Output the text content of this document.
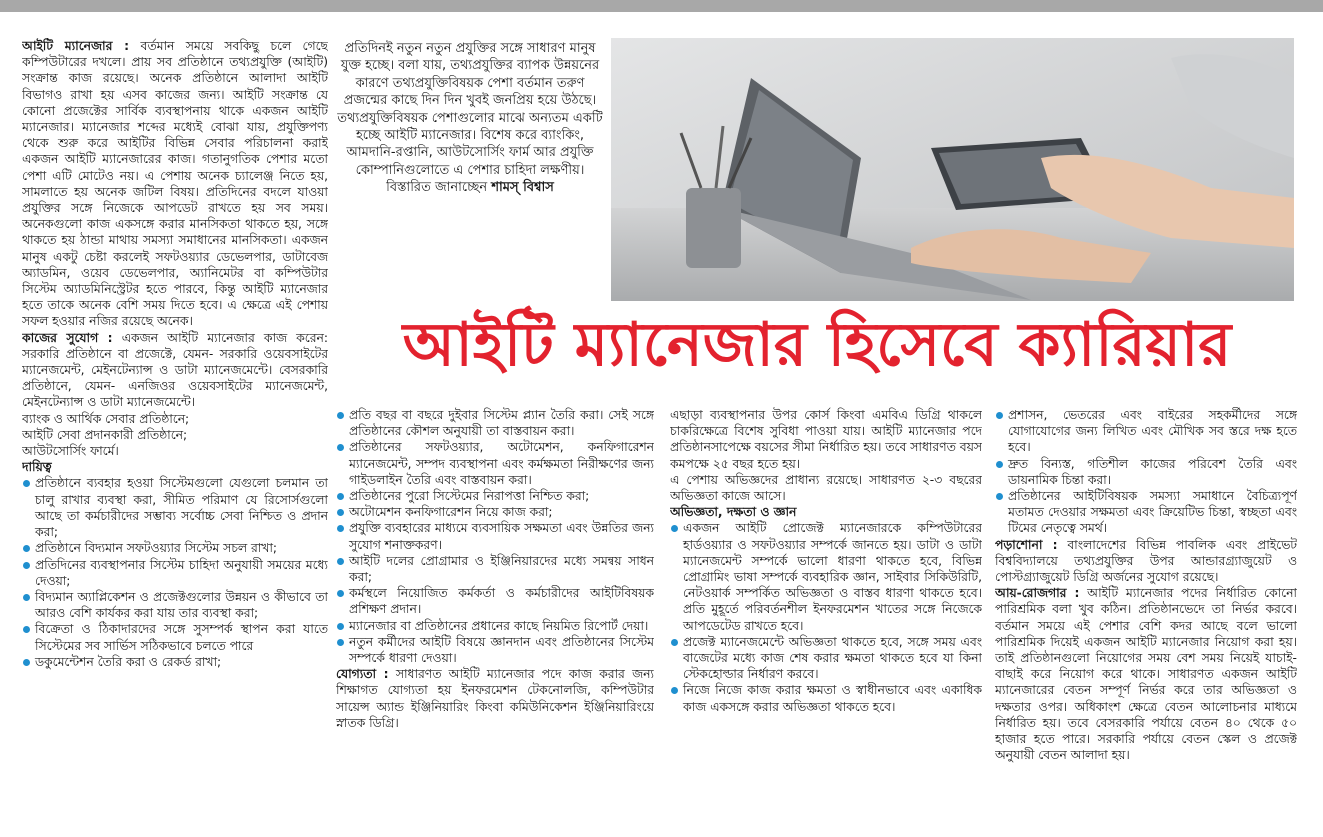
আইটি ম্যানেজার : বর্তমান সময়ে সবকিছু চলে গেছে কম্পিউটারের দখলে। প্রায় সব প্রতিষ্ঠানে তথ্যপ্রযুক্তি (আইটি) সংক্রান্ত কাজ রয়েছে। অনেক প্রতিষ্ঠানে আলাদা আইটি বিভাগও রাখা হয় এসব কাজের জন্য। আইটি সংক্রান্ত যে কোনো প্রজেক্টের সার্বিক ব্যবস্থাপনায় থাকে একজন আইটি ম্যানেজার। ম্যানেজার শব্দের মধ্যেই বোঝা যায়, প্রযুক্তিপণ্য থেকে শুরু করে আইটির বিভিন্ন সেবার পরিচালনা করাই একজন আইটি ম্যানেজারের কাজ। গতানুগতিক পেশার মতো পেশা এটি মোটেও নয়। এ পেশায় অনেক চ্যালেঞ্জ নিতে হয়, সামলাতে হয় অনেক জটিল বিষয়। প্রতিদিনের বদলে যাওয়া প্রযুক্তির সঙ্গে নিজেকে আপডেট রাখতে হয় সব সময়। অনেকগুলো কাজ একসঙ্গে করার মানসিকতা থাকতে হয়, সঙ্গে থাকতে হয় ঠান্ডা মাথায় সমস্যা সমাধানের মানসিকতা। একজন মানুষ একটু চেষ্টা করলেই সফটওয়্যার ডেভেলপার, ডাটাবেজ অ্যাডমিন, ওয়েব ডেভেলপার, অ্যানিমেটর বা কম্পিউটার সিস্টেম অ্যাডমিনিস্ট্রেটর হতে পারবে, কিন্তু আইটি ম্যানেজার হতে তাকে অনেক বেশি সময় দিতে হবে। এ ক্ষেত্রে এই পেশায় সফল হওয়ার নজির রয়েছে অনেক।

কাজের সুযোগ : একজন আইটি ম্যানেজার কাজ করেন: সরকারি প্রতিষ্ঠানে বা প্রজেক্টে, যেমন- সরকারি ওয়েবসাইটের ম্যানেজমেন্ট, মেইনটেন্যান্স ও ডাটা ম্যানেজমেন্টে। বেসরকারি প্রতিষ্ঠানে, যেমন- এনজিওর ওয়েবসাইটের ম্যানেজমেন্ট, মেইনটেন্যান্স ও ডাটা ম্যানেজমেন্টে।

ব্যাংক ও আর্থিক সেবার প্রতিষ্ঠানে;

আইটি সেবা প্রদানকারী প্রতিষ্ঠানে;

আউটসোর্সিং ফার্মে।

দায়িত্ব

প্রতিষ্ঠানে ব্যবহার হওয়া সিস্টেমগুলো যেগুলো চলমান তা চালু রাখার ব্যবস্থা করা, সীমিত পরিমাণ যে রিসোর্সগুলো আছে তা কর্মচারীদের সম্ভাব্য সর্বোচ্চ সেবা নিশ্চিত ও প্রদান করা;
প্রতিষ্ঠানে বিদ্যমান সফটওয়্যার সিস্টেম সচল রাখা;
প্রতিদিনের ব্যবস্থাপনার সিস্টেম চাহিদা অনুযায়ী সময়ের মধ্যে দেওয়া;
বিদ্যমান অ্যাপ্লিকেশন ও প্রজেক্টগুলোর উন্নয়ন ও কীভাবে তা আরও বেশি কার্যকর করা যায় তার ব্যবস্থা করা;
বিক্রেতা ও ঠিকাদারদের সঙ্গে সুসম্পর্ক স্থাপন করা যাতে সিস্টেমের সব সার্ভিস সঠিকভাবে চলতে পারে
ডকুমেন্টেশন তৈরি করা ও রেকর্ড রাখা;
প্রতিদিনই নতুন নতুন প্রযুক্তির সঙ্গে সাধারণ মানুষ যুক্ত হচ্ছে। বলা যায়, তথ্যপ্রযুক্তির ব্যাপক উন্নয়নের কারণে তথ্যপ্রযুক্তিবিষয়ক পেশা বর্তমান তরুণ প্রজন্মের কাছে দিন দিন খুবই জনপ্রিয় হয়ে উঠছে। তথ্যপ্রযুক্তিবিষয়ক পেশাগুলোর মাঝে অন্যতম একটি হচ্ছে আইটি ম্যানেজার। বিশেষ করে ব্যাংকিং, আমদানি-রপ্তানি, আউটসোর্সিং ফার্ম আর প্রযুক্তি কোম্পানিগুলোতে এ পেশার চাহিদা লক্ষণীয়। বিস্তারিত জানাচ্ছেন শামস্ বিশ্বাস
আইটি ম্যানেজার হিসেবে ক্যারিয়ার
প্রতি বছর বা বছরে দুইবার সিস্টেম প্ল্যান তৈরি করা। সেই সঙ্গে প্রতিষ্ঠানের কৌশল অনুযায়ী তা বাস্তবায়ন করা।
প্রতিষ্ঠানের সফটওয়্যার, অটোমেশন, কনফিগারেশন ম্যানেজমেন্ট, সম্পদ ব্যবস্থাপনা এবং কর্মক্ষমতা নিরীক্ষণের জন্য গাইডলাইন তৈরি এবং বাস্তবায়ন করা।
প্রতিষ্ঠানের পুরো সিস্টেমের নিরাপত্তা নিশ্চিত করা;
অটোমেশন কনফিগারেশন নিয়ে কাজ করা;
প্রযুক্তি ব্যবহারের মাধ্যমে ব্যবসায়িক সক্ষমতা এবং উন্নতির জন্য সুযোগ শনাক্তকরণ।
আইটি দলের প্রোগ্রামার ও ইঞ্জিনিয়ারদের মধ্যে সমন্বয় সাধন করা;
কর্মস্থলে নিয়োজিত কর্মকর্তা ও কর্মচারীদের আইটিবিষয়ক প্রশিক্ষণ প্রদান।
ম্যানেজার বা প্রতিষ্ঠানের প্রধানের কাছে নিয়মিত রিপোর্ট দেয়া।
নতুন কর্মীদের আইটি বিষয়ে জ্ঞানদান এবং প্রতিষ্ঠানের সিস্টেম সম্পর্কে ধারণা দেওয়া।

যোগ্যতা : সাধারণত আইটি ম্যানেজার পদে কাজ করার জন্য শিক্ষাগত যোগ্যতা হয় ইনফরমেশন টেকনোলজি, কম্পিউটার সায়েন্স অ্যান্ড ইঞ্জিনিয়ারিং কিংবা কমিউনিকেশন ইঞ্জিনিয়ারিংয়ে স্নাতক ডিগ্রি।

এছাড়া ব্যবস্থাপনার উপর কোর্স কিংবা এমবিএ ডিগ্রি থাকলে চাকরিক্ষেত্রে বিশেষ সুবিধা পাওয়া যায়। আইটি ম্যানেজার পদে প্রতিষ্ঠানসাপেক্ষে বয়সের সীমা নির্ধারিত হয়। তবে সাধারণত বয়স কমপক্ষে ২৫ বছর হতে হয়।

এ পেশায় অভিজ্ঞদের প্রাধান্য রয়েছে। সাধারণত ২-৩ বছরের অভিজ্ঞতা কাজে আসে।

অভিজ্ঞতা, দক্ষতা ও জ্ঞান

একজন আইটি প্রোজেক্ট ম্যানেজারকে কম্পিউটারের হার্ডওয়্যার ও সফটওয়্যার সম্পর্কে জানতে হয়। ডাটা ও ডাটা ম্যানেজমেন্ট সম্পর্কে ভালো ধারণা থাকতে হবে, বিভিন্ন প্রোগ্রামিং ভাষা সম্পর্কে ব্যবহারিক জ্ঞান, সাইবার সিকিউরিটি, নেটওয়ার্ক সম্পর্কিত অভিজ্ঞতা ও বাস্তব ধারণা থাকতে হবে। প্রতি মুহূর্তে পরিবর্তনশীল ইনফরমেশন খাতের সঙ্গে নিজেকে আপডেটেড রাখতে হবে।
প্রজেক্ট ম্যানেজমেন্টে অভিজ্ঞতা থাকতে হবে, সঙ্গে সময় এবং বাজেটের মধ্যে কাজ শেষ করার ক্ষমতা থাকতে হবে যা কিনা স্টেকহোল্ডার নির্ধারণ করবে।
নিজে নিজে কাজ করার ক্ষমতা ও স্বাধীনভাবে এবং একাধিক কাজ একসঙ্গে করার অভিজ্ঞতা থাকতে হবে।
প্রশাসন, ভেতরের এবং বাইরের সহকর্মীদের সঙ্গে যোগাযোগের জন্য লিখিত এবং মৌখিক সব স্তরে দক্ষ হতে হবে।
দ্রুত বিন্যস্ত, গতিশীল কাজের পরিবেশ তৈরি এবং ডায়নামিক চিন্তা করা।
প্রতিষ্ঠানের আইটিবিষয়ক সমস্যা সমাধানে বৈচিত্র্যপূর্ণ মতামত দেওয়ার সক্ষমতা এবং ক্রিয়েটিভ চিন্তা, স্বচ্ছতা এবং টিমের নেতৃত্বে সমর্থ।

পড়াশোনা : বাংলাদেশের বিভিন্ন পাবলিক এবং প্রাইভেট বিশ্ববিদ্যালয়ে তথ্যপ্রযুক্তির উপর আন্ডারগ্র্যাজুয়েট ও পোস্টগ্র্যাজুয়েট ডিগ্রি অর্জনের সুযোগ রয়েছে।

আয়-রোজগার : আইটি ম্যানেজার পদের নির্ধারিত কোনো পারিশ্রমিক বলা খুব কঠিন। প্রতিষ্ঠানভেদে তা নির্ভর করবে। বর্তমান সময়ে এই পেশার বেশি কদর আছে বলে ভালো পারিশ্রমিক দিয়েই একজন আইটি ম্যানেজার নিয়োগ করা হয়। তাই প্রতিষ্ঠানগুলো নিয়োগের সময় বেশ সময় নিয়েই যাচাই-বাছাই করে নিয়োগ করে থাকে। সাধারণত একজন আইটি ম্যানেজারের বেতন সম্পূর্ণ নির্ভর করে তার অভিজ্ঞতা ও দক্ষতার ওপর। অধিকাংশ ক্ষেত্রে বেতন আলোচনার মাধ্যমে নির্ধারিত হয়। তবে বেসরকারি পর্যায়ে বেতন ৪০ থেকে ৫০ হাজার হতে পারে। সরকারি পর্যায়ে বেতন স্কেল ও প্রজেক্ট অনুযায়ী বেতন আলাদা হয়।
